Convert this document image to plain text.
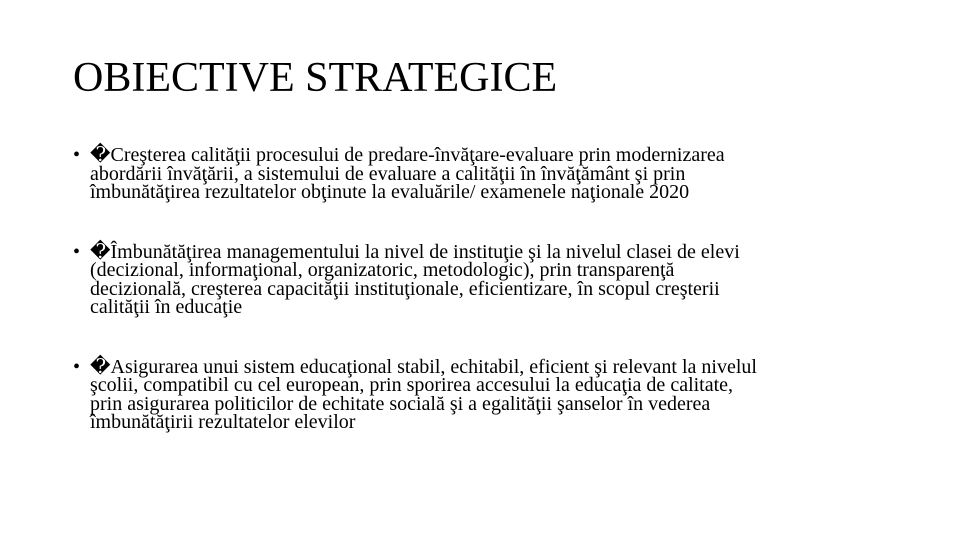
OBIECTIVE STRATEGICE
• �Creşterea calităţii procesului de predare-învăţare-evaluare prin modernizarea
abordării învăţării, a sistemului de evaluare a calităţii în învăţământ şi prin
îmbunătăţirea rezultatelor obţinute la evaluările/ examenele naţionale 2020
• �Îmbunătăţirea managementului la nivel de instituţie şi la nivelul clasei de elevi
(decizional, informaţional, organizatoric, metodologic), prin transparenţă
decizională, creşterea capacităţii instituţionale, eficientizare, în scopul creşterii
calităţii în educaţie
• �Asigurarea unui sistem educaţional stabil, echitabil, eficient şi relevant la nivelul
şcolii, compatibil cu cel european, prin sporirea accesului la educaţia de calitate,
prin asigurarea politicilor de echitate socială şi a egalităţii şanselor în vederea
îmbunătăţirii rezultatelor elevilor
